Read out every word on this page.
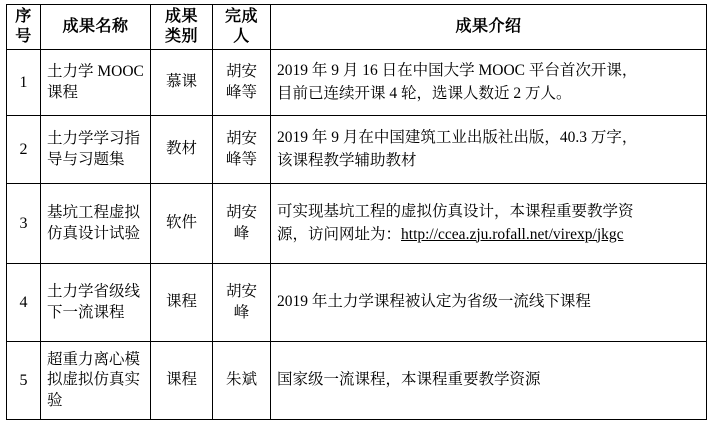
序号	成果名称	成果类别	完成人	成果介绍
1	土力学 MOOC 课程	慕课	胡安峰等	2019 年 9 月 16 日在中国大学 MOOC 平台首次开课，
目前已连续开课 4 轮，选课人数近 2 万人。

2	土力学学习指导与习题集	教材	胡安峰等	2019 年 9 月在中国建筑工业出版社出版，40.3 万字，
该课程教学辅助教材

3	基坑工程虚拟仿真设计试验	软件	胡安峰	可实现基坑工程的虚拟仿真设计，本课程重要教学资
源，访问网址为：http://ccea.zju.rofall.net/virexp/jkgc

4	土力学省级线下一流课程	课程	胡安峰	2019 年土力学课程被认定为省级一流线下课程

5	超重力离心模拟虚拟仿真实验	课程	朱斌	国家级一流课程，本课程重要教学资源
